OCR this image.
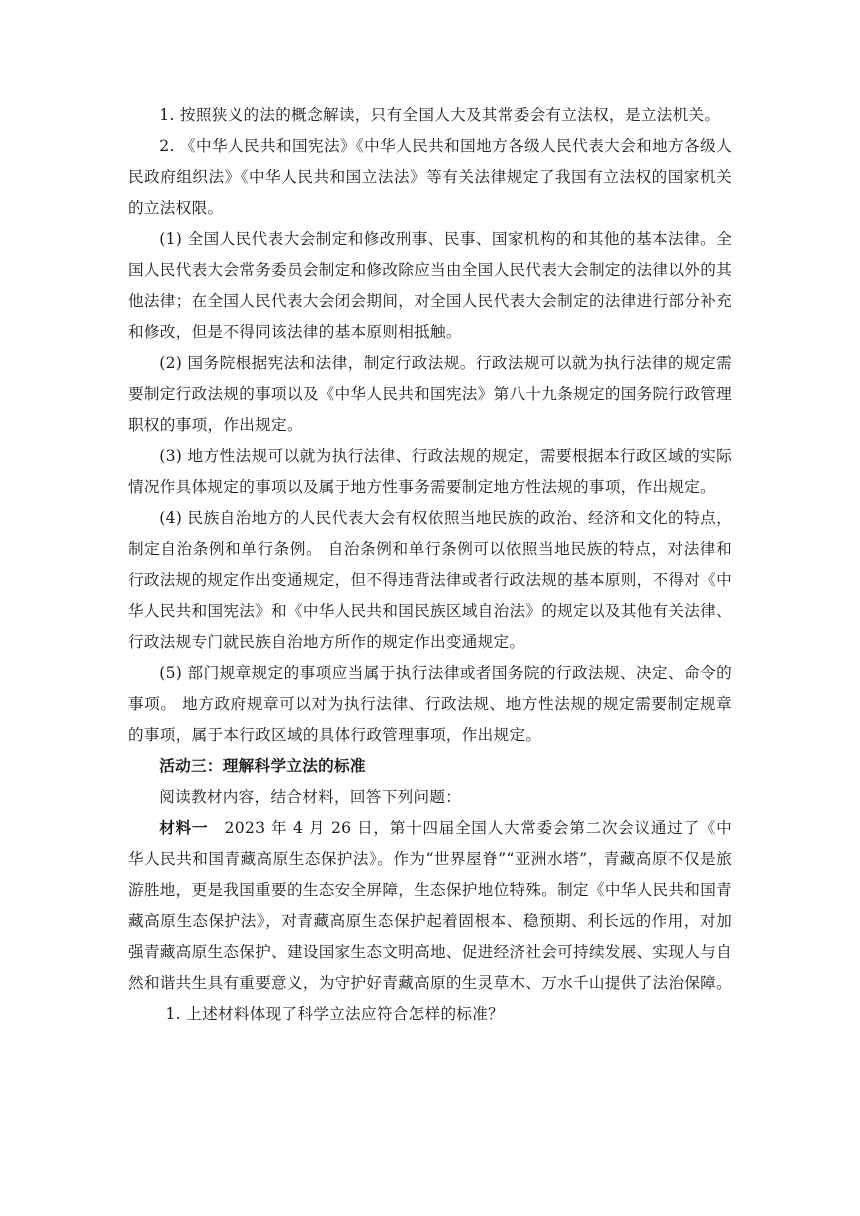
1. 按照狭义的法的概念解读，只有全国人大及其常委会有立法权，是立法机关。

2. 《中华人民共和国宪法》《中华人民共和国地方各级人民代表大会和地方各级人民政府组织法》《中华人民共和国立法法》等有关法律规定了我国有立法权的国家机关的立法权限。

(1) 全国人民代表大会制定和修改刑事、民事、国家机构的和其他的基本法律。全国人民代表大会常务委员会制定和修改除应当由全国人民代表大会制定的法律以外的其他法律；在全国人民代表大会闭会期间，对全国人民代表大会制定的法律进行部分补充和修改，但是不得同该法律的基本原则相抵触。

(2) 国务院根据宪法和法律，制定行政法规。行政法规可以就为执行法律的规定需要制定行政法规的事项以及《中华人民共和国宪法》第八十九条规定的国务院行政管理职权的事项，作出规定。

(3) 地方性法规可以就为执行法律、行政法规的规定，需要根据本行政区域的实际情况作具体规定的事项以及属于地方性事务需要制定地方性法规的事项，作出规定。

(4) 民族自治地方的人民代表大会有权依照当地民族的政治、经济和文化的特点，制定自治条例和单行条例。 自治条例和单行条例可以依照当地民族的特点，对法律和行政法规的规定作出变通规定，但不得违背法律或者行政法规的基本原则，不得对《中华人民共和国宪法》和《中华人民共和国民族区域自治法》的规定以及其他有关法律、行政法规专门就民族自治地方所作的规定作出变通规定。

(5) 部门规章规定的事项应当属于执行法律或者国务院的行政法规、决定、命令的事项。 地方政府规章可以对为执行法律、行政法规、地方性法规的规定需要制定规章的事项，属于本行政区域的具体行政管理事项，作出规定。

活动三：理解科学立法的标准

阅读教材内容，结合材料，回答下列问题：

材料一　2023 年 4 月 26 日，第十四届全国人大常委会第二次会议通过了《中华人民共和国青藏高原生态保护法》。作为“世界屋脊”“亚洲水塔”，青藏高原不仅是旅游胜地，更是我国重要的生态安全屏障，生态保护地位特殊。制定《中华人民共和国青藏高原生态保护法》，对青藏高原生态保护起着固根本、稳预期、利长远的作用，对加强青藏高原生态保护、建设国家生态文明高地、促进经济社会可持续发展、实现人与自然和谐共生具有重要意义，为守护好青藏高原的生灵草木、万水千山提供了法治保障。

1. 上述材料体现了科学立法应符合怎样的标准？
